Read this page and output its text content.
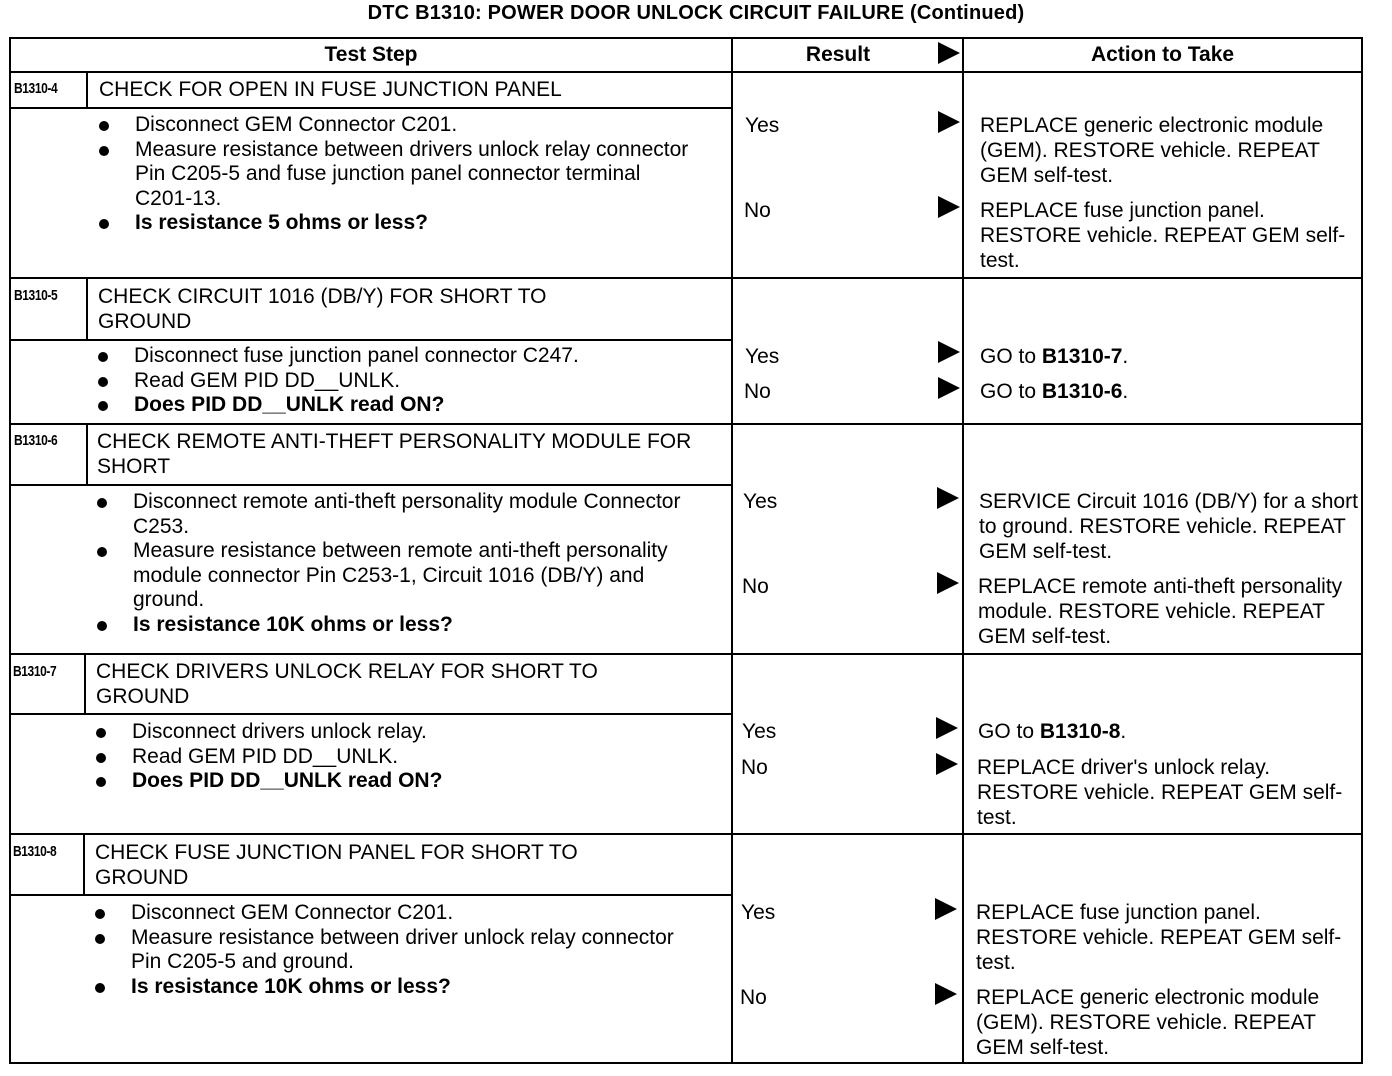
DTC B1310: POWER DOOR UNLOCK CIRCUIT FAILURE (Continued)
Test Step	Result	Action to Take
B1310-4 CHECK FOR OPEN IN FUSE JUNCTION PANEL
Disconnect GEM Connector C201.
Measure resistance between drivers unlock relay connector Pin C205-5 and fuse junction panel connector terminal C201-13.
Is resistance 5 ohms or less?
Yes	REPLACE generic electronic module (GEM). RESTORE vehicle. REPEAT GEM self-test.
No	REPLACE fuse junction panel. RESTORE vehicle. REPEAT GEM self-test.
B1310-5 CHECK CIRCUIT 1016 (DB/Y) FOR SHORT TO GROUND
Disconnect fuse junction panel connector C247.
Read GEM PID DD__UNLK.
Does PID DD__UNLK read ON?
Yes	GO to B1310-7.
No	GO to B1310-6.
B1310-6 CHECK REMOTE ANTI-THEFT PERSONALITY MODULE FOR SHORT
Disconnect remote anti-theft personality module Connector C253.
Measure resistance between remote anti-theft personality module connector Pin C253-1, Circuit 1016 (DB/Y) and ground.
Is resistance 10K ohms or less?
Yes	SERVICE Circuit 1016 (DB/Y) for a short to ground. RESTORE vehicle. REPEAT GEM self-test.
No	REPLACE remote anti-theft personality module. RESTORE vehicle. REPEAT GEM self-test.
B1310-7 CHECK DRIVERS UNLOCK RELAY FOR SHORT TO GROUND
Disconnect drivers unlock relay.
Read GEM PID DD__UNLK.
Does PID DD__UNLK read ON?
Yes	GO to B1310-8.
No	REPLACE driver's unlock relay. RESTORE vehicle. REPEAT GEM self-test.
B1310-8 CHECK FUSE JUNCTION PANEL FOR SHORT TO GROUND
Disconnect GEM Connector C201.
Measure resistance between driver unlock relay connector Pin C205-5 and ground.
Is resistance 10K ohms or less?
Yes	REPLACE fuse junction panel. RESTORE vehicle. REPEAT GEM self-test.
No	REPLACE generic electronic module (GEM). RESTORE vehicle. REPEAT GEM self-test.
